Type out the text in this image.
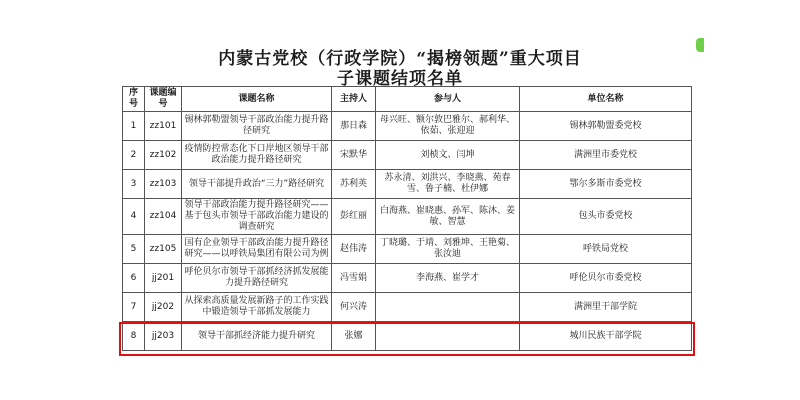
内蒙古党校（行政学院）“揭榜领题”重大项目
子课题结项名单
序号	课题编号	课题名称	主持人	参与人	单位名称
1	zz101	锡林郭勒盟领导干部政治能力提升路径研究	那日森	母兴旺、额尔敦巴雅尔、郝利华、依茹、张迎迎	锡林郭勒盟委党校
2	zz102	疫情防控常态化下口岸地区领导干部政治能力提升路径研究	宋默华	刘桢文、闫坤	满洲里市委党校
3	zz103	领导干部提升政治“三力”路径研究	苏利英	苏永清、刘洪兴、李晓燕、苑春雪、鲁子楠、杜伊娜	鄂尔多斯市委党校
4	zz104	领导干部政治能力提升路径研究——基于包头市领导干部政治能力建设的调查研究	彭红丽	白海燕、崔晓惠、孙军、陈沐、姜敏、智慧	包头市委党校
5	zz105	国有企业领导干部政治能力提升路径研究——以呼铁局集团有限公司为例	赵伟涛	丁晓璐、于靖、刘雅坤、王艳菊、张汝迪	呼铁局党校
6	jj201	呼伦贝尔市领导干部抓经济抓发展能力提升路径研究	冯雪娟	李海燕、崔学才	呼伦贝尔市委党校
7	jj202	从探索高质量发展新路子的工作实践中锻造领导干部抓发展能力	何兴涛		满洲里干部学院
8	jj203	领导干部抓经济能力提升研究	张娜		城川民族干部学院
